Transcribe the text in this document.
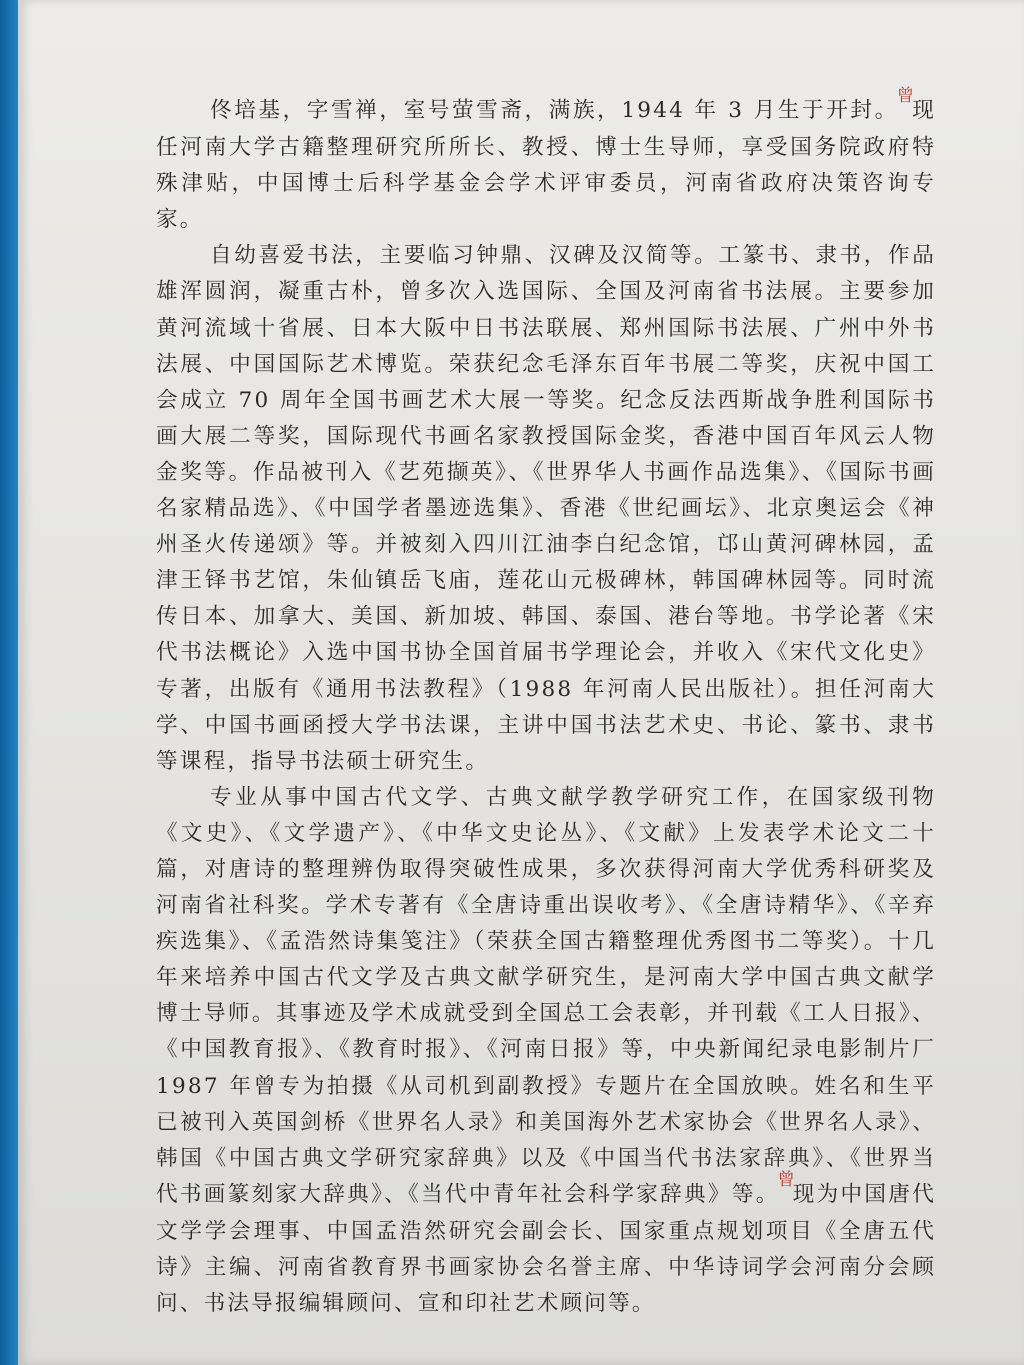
佟培基，字雪禅，室号萤雪斋，满族，1944 年 3 月生于开封。$^曾$现任河南大学古籍整理研究所所长、教授、博士生导师，享受国务院政府特殊津贴，中国博士后科学基金会学术评审委员，河南省政府决策咨询专家。

自幼喜爱书法，主要临习钟鼎、汉碑及汉简等。工篆书、隶书，作品雄浑圆润，凝重古朴，曾多次入选国际、全国及河南省书法展。主要参加黄河流域十省展、日本大阪中日书法联展、郑州国际书法展、广州中外书法展、中国国际艺术博览。荣获纪念毛泽东百年书展二等奖，庆祝中国工会成立 70 周年全国书画艺术大展一等奖。纪念反法西斯战争胜利国际书画大展二等奖，国际现代书画名家教授国际金奖，香港中国百年风云人物金奖等。作品被刊入《艺苑撷英》、《世界华人书画作品选集》、《国际书画名家精品选》、《中国学者墨迹选集》、香港《世纪画坛》、北京奥运会《神州圣火传递颂》等。并被刻入四川江油李白纪念馆，邙山黄河碑林园，孟津王铎书艺馆，朱仙镇岳飞庙，莲花山元极碑林，韩国碑林园等。同时流传日本、加拿大、美国、新加坡、韩国、泰国、港台等地。书学论著《宋代书法概论》入选中国书协全国首届书学理论会，并收入《宋代文化史》专著，出版有《通用书法教程》（1988 年河南人民出版社）。担任河南大学、中国书画函授大学书法课，主讲中国书法艺术史、书论、篆书、隶书等课程，指导书法硕士研究生。

专业从事中国古代文学、古典文献学教学研究工作，在国家级刊物《文史》、《文学遗产》、《中华文史论丛》、《文献》上发表学术论文二十篇，对唐诗的整理辨伪取得突破性成果，多次获得河南大学优秀科研奖及河南省社科奖。学术专著有《全唐诗重出误收考》、《全唐诗精华》、《辛弃疾选集》、《孟浩然诗集笺注》（荣获全国古籍整理优秀图书二等奖）。十几年来培养中国古代文学及古典文献学研究生，是河南大学中国古典文献学博士导师。其事迹及学术成就受到全国总工会表彰，并刊载《工人日报》、《中国教育报》、《教育时报》、《河南日报》等，中央新闻纪录电影制片厂 1987 年曾专为拍摄《从司机到副教授》专题片在全国放映。姓名和生平已被刊入英国剑桥《世界名人录》和美国海外艺术家协会《世界名人录》、韩国《中国古典文学研究家辞典》以及《中国当代书法家辞典》、《世界当代书画篆刻家大辞典》、《当代中青年社会科学家辞典》等。$^曾$现为中国唐代文学学会理事、中国孟浩然研究会副会长、国家重点规划项目《全唐五代诗》主编、河南省教育界书画家协会名誉主席、中华诗词学会河南分会顾问、书法导报编辑顾问、宣和印社艺术顾问等。
